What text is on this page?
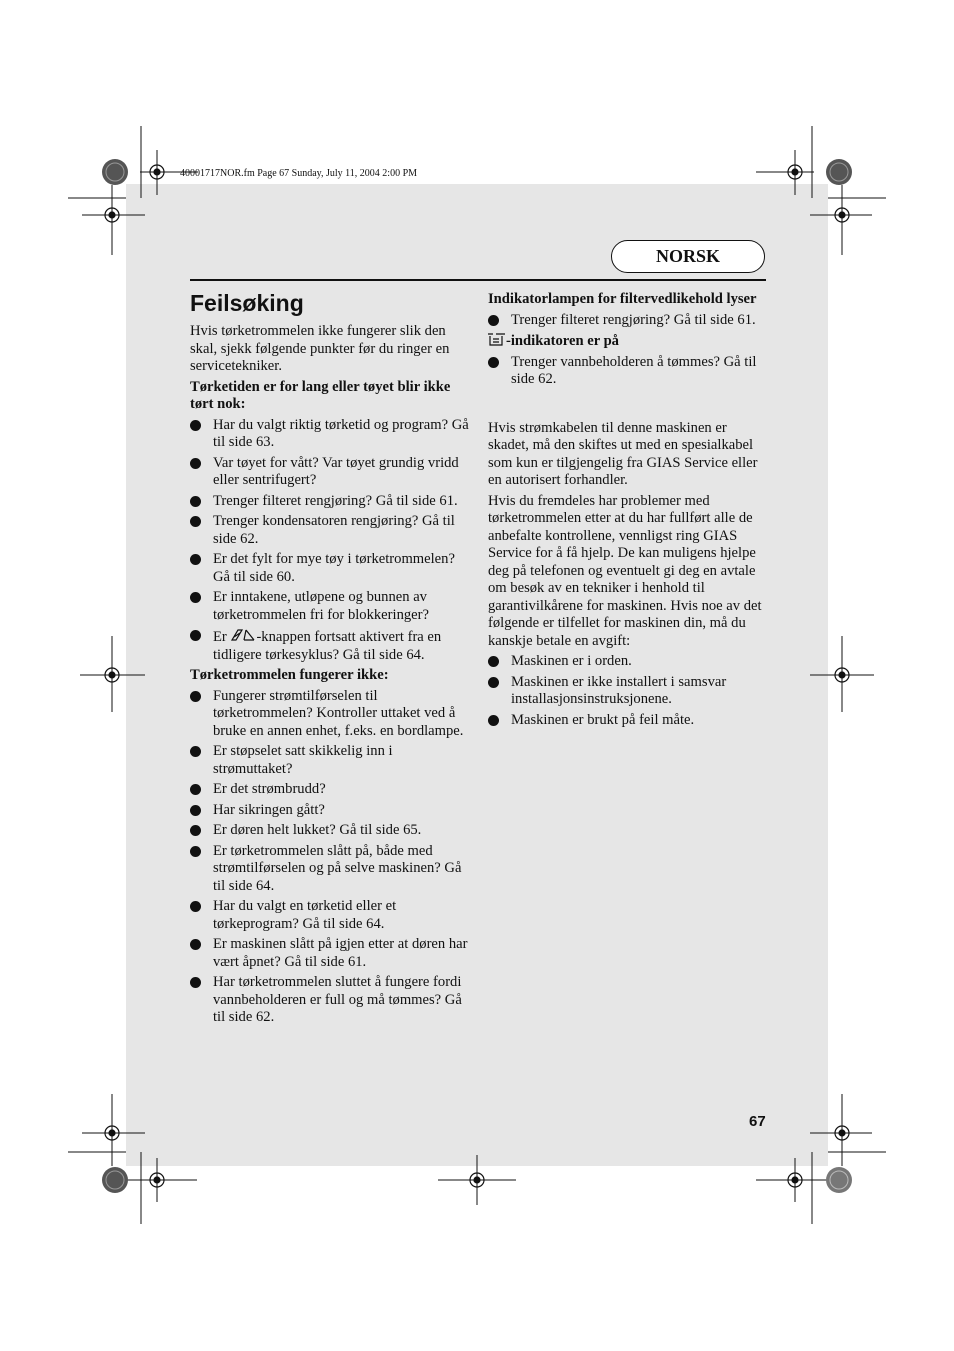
40001717NOR.fm Page 67 Sunday, July 11, 2004 2:00 PM
NORSK
Feilsøking

Hvis tørketrommelen ikke fungerer slik den skal, sjekk følgende punkter før du ringer en servicetekniker.

Tørketiden er for lang eller tøyet blir ikke tørt nok:
Har du valgt riktig tørketid og program? Gå til side 63.
Var tøyet for vått? Var tøyet grundig vridd eller sentrifugert?
Trenger filteret rengjøring? Gå til side 61.
Trenger kondensatoren rengjøring? Gå til side 62.
Er det fylt for mye tøy i tørketrommelen? Gå til side 60.
Er inntakene, utløpene og bunnen av tørketrommelen fri for blokkeringer?
Er -knappen fortsatt aktivert fra en tidligere tørkesyklus? Gå til side 64.
Tørketrommelen fungerer ikke:
Fungerer strømtilførselen til tørketrommelen? Kontroller uttaket ved å bruke en annen enhet, f.eks. en bordlampe.
Er støpselet satt skikkelig inn i strømuttaket?
Er det strømbrudd?
Har sikringen gått?
Er døren helt lukket? Gå til side 65.
Er tørketrommelen slått på, både med strømtilførselen og på selve maskinen? Gå til side 64.
Har du valgt en tørketid eller et tørkeprogram? Gå til side 64.
Er maskinen slått på igjen etter at døren har vært åpnet? Gå til side 61.
Har tørketrommelen sluttet å fungere fordi vannbeholderen er full og må tømmes? Gå til side 62.
Indikatorlampen for filtervedlikehold lyser
Trenger filteret rengjøring? Gå til side 61.
-indikatoren er på
Trenger vannbeholderen å tømmes? Gå til side 62.

Hvis strømkabelen til denne maskinen er skadet, må den skiftes ut med en spesialkabel som kun er tilgjengelig fra GIAS Service eller en autorisert forhandler.

Hvis du fremdeles har problemer med tørketrommelen etter at du har fullført alle de anbefalte kontrollene, vennligst ring GIAS Service for å få hjelp. De kan muligens hjelpe deg på telefonen og eventuelt gi deg en avtale om besøk av en tekniker i henhold til garantivilkårene for maskinen. Hvis noe av det følgende er tilfellet for maskinen din, må du kanskje betale en avgift:

Maskinen er i orden.
Maskinen er ikke installert i samsvar installasjonsinstruksjonene.
Maskinen er brukt på feil måte.
67
